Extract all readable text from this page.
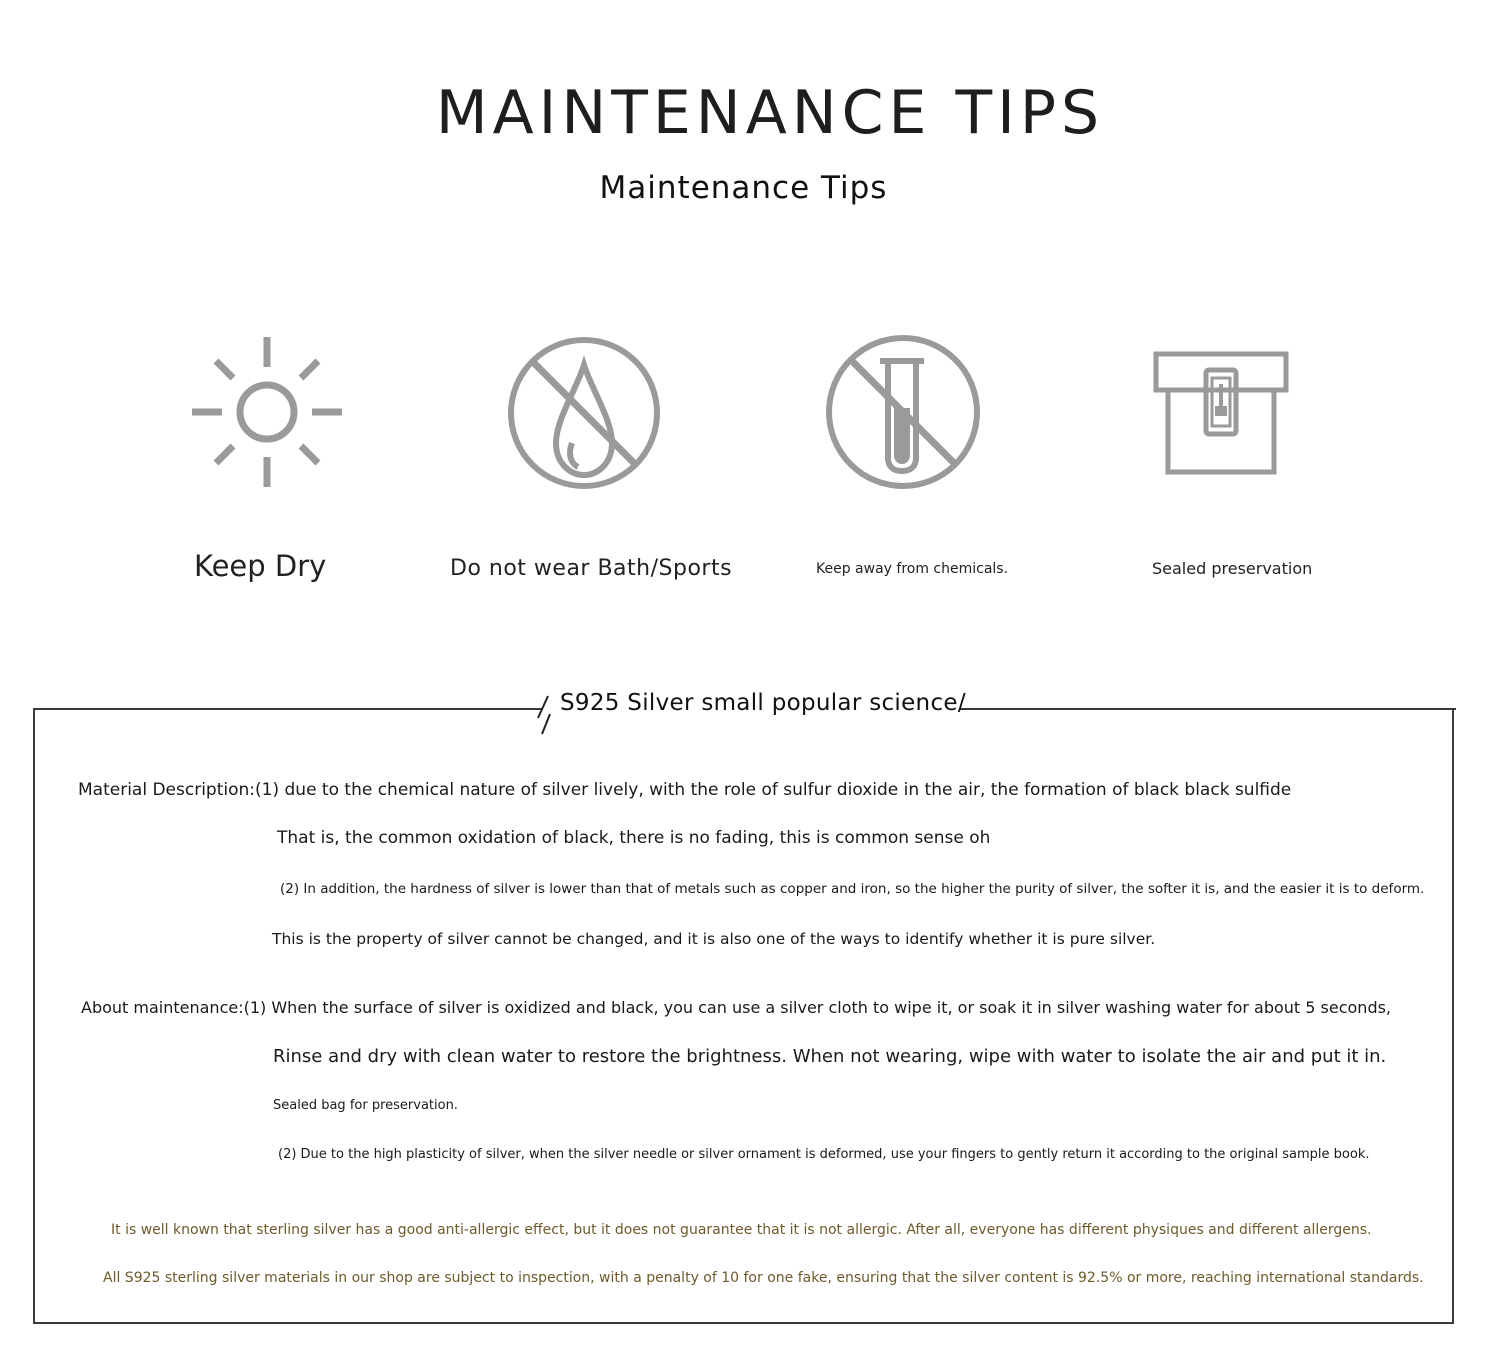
MAINTENANCE TIPS
Maintenance Tips
Keep Dry	Do not wear Bath/Sports	Keep away from chemicals.	Sealed preservation
S925 Silver small popular science/
Material Description:(1) due to the chemical nature of silver lively, with the role of sulfur dioxide in the air, the formation of black black sulfide
That is, the common oxidation of black, there is no fading, this is common sense oh
(2) In addition, the hardness of silver is lower than that of metals such as copper and iron, so the higher the purity of silver, the softer it is, and the easier it is to deform.
This is the property of silver cannot be changed, and it is also one of the ways to identify whether it is pure silver.
About maintenance:(1) When the surface of silver is oxidized and black, you can use a silver cloth to wipe it, or soak it in silver washing water for about 5 seconds,
Rinse and dry with clean water to restore the brightness. When not wearing, wipe with water to isolate the air and put it in.
Sealed bag for preservation.
(2) Due to the high plasticity of silver, when the silver needle or silver ornament is deformed, use your fingers to gently return it according to the original sample book.
It is well known that sterling silver has a good anti-allergic effect, but it does not guarantee that it is not allergic. After all, everyone has different physiques and different allergens.
All S925 sterling silver materials in our shop are subject to inspection, with a penalty of 10 for one fake, ensuring that the silver content is 92.5% or more, reaching international standards.
